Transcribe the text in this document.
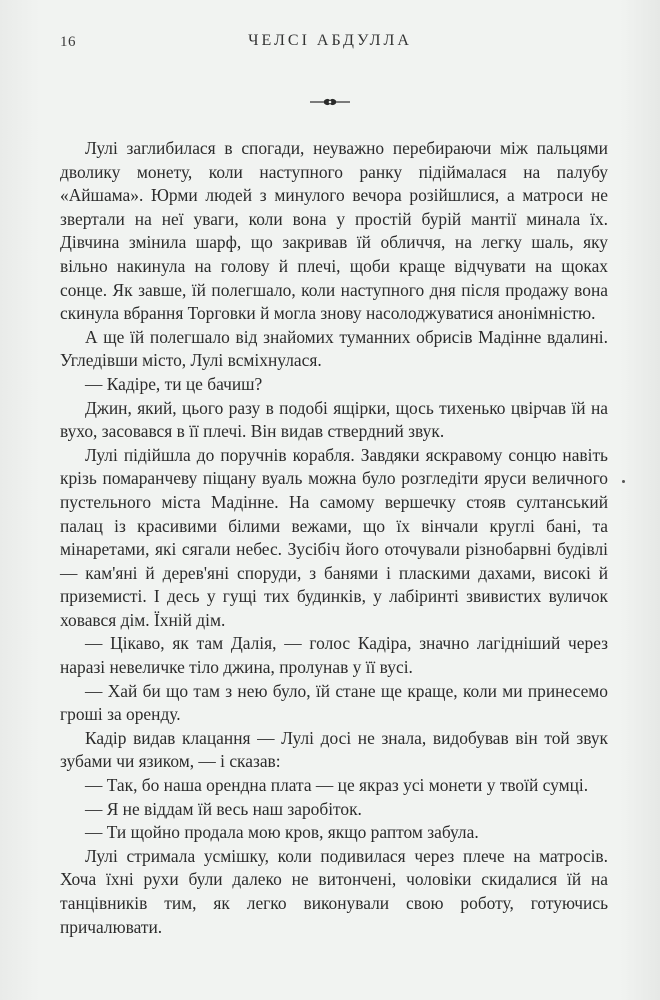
16	ЧЕЛСІ АБДУЛЛА

Лулі заглибилася в спогади, неуважно перебираючи між пальцями дволику монету, коли наступного ранку підіймалася на палубу «Айшама». Юрми людей з минулого вечора розійшлися, а матроси не звертали на неї уваги, коли вона у простій бурій мантії минала їх. Дівчина змінила шарф, що закривав їй обличчя, на легку шаль, яку вільно накинула на голову й плечі, щоби краще відчувати на щоках сонце. Як завше, їй полегшало, коли наступного дня після продажу вона скинула вбрання Торговки й могла знову насолоджуватися анонімністю.

А ще їй полегшало від знайомих туманних обрисів Мадінне вдалині. Угледівши місто, Лулі всміхнулася.

— Кадіре, ти це бачиш?

Джин, який, цього разу в подобі ящірки, щось тихенько цвірчав їй на вухо, засовався в її плечі. Він видав ствердний звук.

Лулі підійшла до поручнів корабля. Завдяки яскравому сонцю навіть крізь помаранчеву піщану вуаль можна було розгледіти яруси величного пустельного міста Мадінне. На самому вершечку стояв султанський палац із красивими білими вежами, що їх вінчали круглі бані, та мінаретами, які сягали небес. Зусібіч його оточували різнобарвні будівлі — кам'яні й дерев'яні споруди, з банями і пласкими дахами, високі й приземисті. І десь у гущі тих будинків, у лабіринті звивистих вуличок ховався дім. Їхній дім.

— Цікаво, як там Далія, — голос Кадіра, значно лагідніший через наразі невеличке тіло джина, пролунав у її вусі.

— Хай би що там з нею було, їй стане ще краще, коли ми принесемо гроші за оренду.

Кадір видав клацання — Лулі досі не знала, видобував він той звук зубами чи язиком, — і сказав:

— Так, бо наша орендна плата — це якраз усі монети у твоїй сумці.

— Я не віддам їй весь наш заробіток.

— Ти щойно продала мою кров, якщо раптом забула.

Лулі стримала усмішку, коли подивилася через плече на матросів. Хоча їхні рухи були далеко не витончені, чоловіки скидалися їй на танцівників тим, як легко виконували свою роботу, готуючись причалювати.
